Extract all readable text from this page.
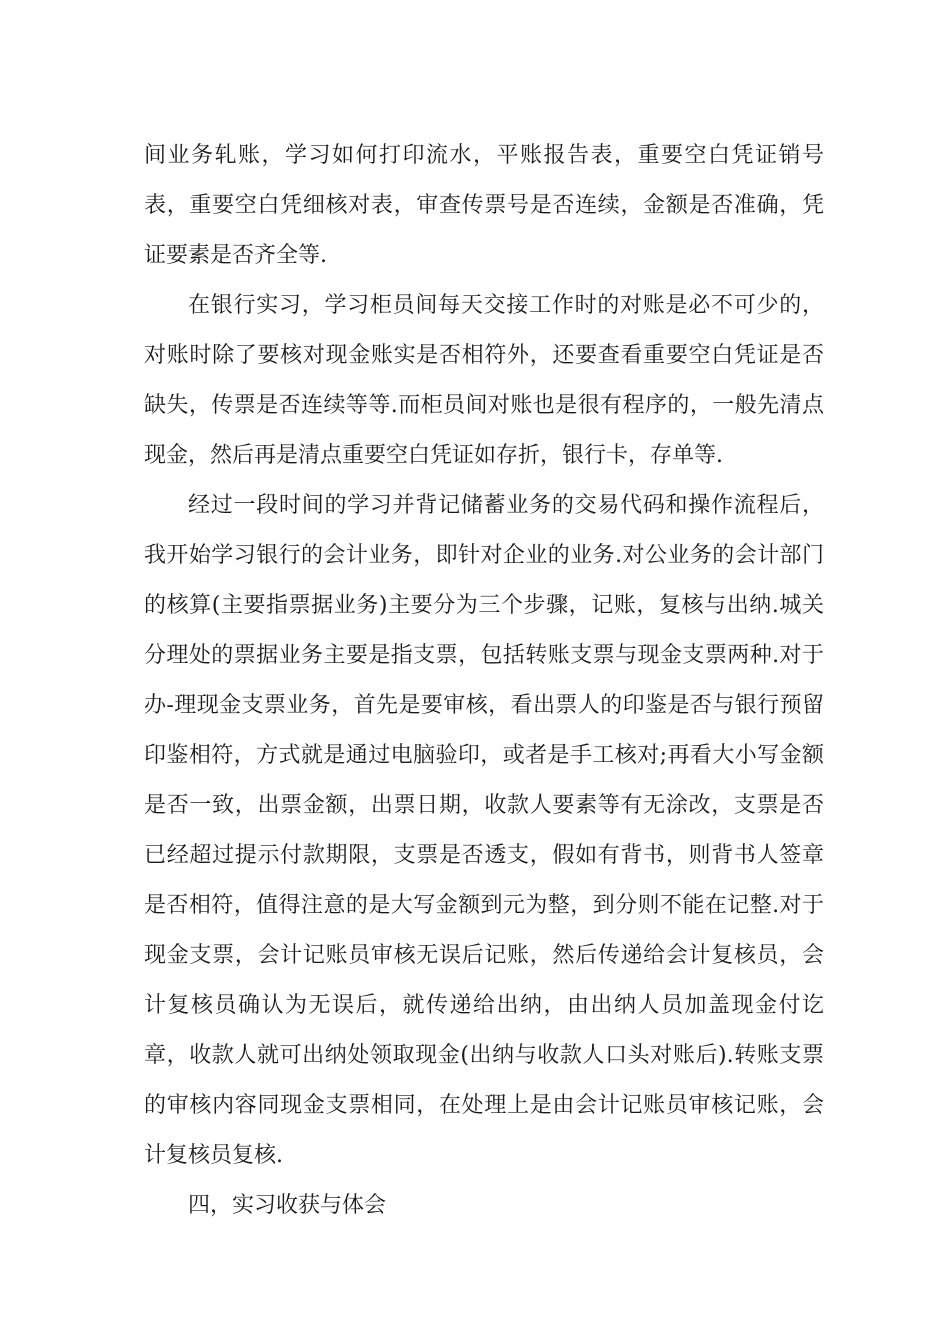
间业务轧账，学习如何打印流水，平账报告表，重要空白凭证销号表，重要空白凭细核对表，审查传票号是否连续，金额是否准确，凭证要素是否齐全等.

在银行实习，学习柜员间每天交接工作时的对账是必不可少的，对账时除了要核对现金账实是否相符外，还要查看重要空白凭证是否缺失，传票是否连续等等.而柜员间对账也是很有程序的，一般先清点现金，然后再是清点重要空白凭证如存折，银行卡，存单等.

经过一段时间的学习并背记储蓄业务的交易代码和操作流程后，我开始学习银行的会计业务，即针对企业的业务.对公业务的会计部门的核算(主要指票据业务)主要分为三个步骤，记账，复核与出纳.城关分理处的票据业务主要是指支票，包括转账支票与现金支票两种.对于办-理现金支票业务，首先是要审核，看出票人的印鉴是否与银行预留印鉴相符，方式就是通过电脑验印，或者是手工核对;再看大小写金额是否一致，出票金额，出票日期，收款人要素等有无涂改，支票是否已经超过提示付款期限，支票是否透支，假如有背书，则背书人签章是否相符，值得注意的是大写金额到元为整，到分则不能在记整.对于现金支票，会计记账员审核无误后记账，然后传递给会计复核员，会计复核员确认为无误后，就传递给出纳，由出纳人员加盖现金付讫章，收款人就可出纳处领取现金(出纳与收款人口头对账后).转账支票的审核内容同现金支票相同，在处理上是由会计记账员审核记账，会计复核员复核.

四，实习收获与体会
